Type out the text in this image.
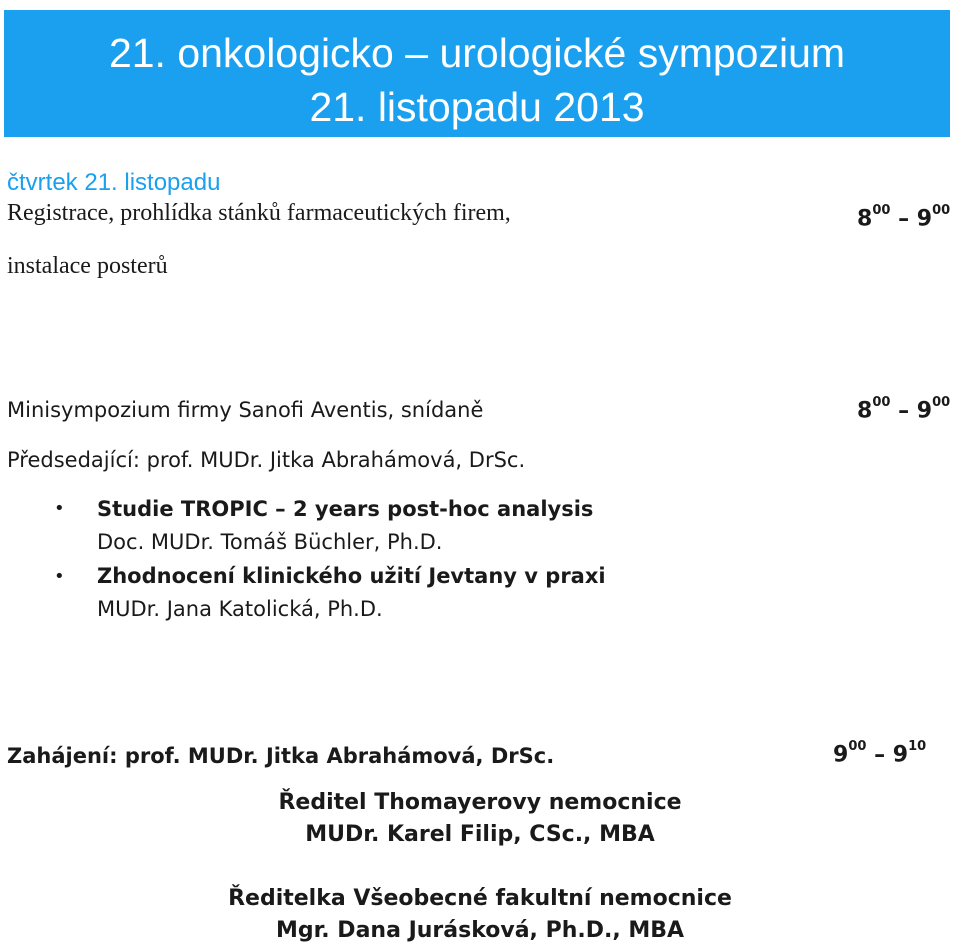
21. onkologicko – urologické sympozium
21. listopadu 2013
čtvrtek 21. listopadu
Registrace, prohlídka stánků farmaceutických firem,
instalace posterů
$8^{00} - 9^{00}$
Minisympozium firmy Sanofi Aventis, snídaně	$8^{00} - 9^{00}$
Předsedající: prof. MUDr. Jitka Abrahámová, DrSc.
• Studie TROPIC – 2 years post-hoc analysis
Doc. MUDr. Tomáš Büchler, Ph.D.
• Zhodnocení klinického užití Jevtany v praxi
MUDr. Jana Katolická, Ph.D.
Zahájení: prof. MUDr. Jitka Abrahámová, DrSc.	$9^{00} - 9^{10}$
Ředitel Thomayerovy nemocnice
MUDr. Karel Filip, CSc., MBA
Ředitelka Všeobecné fakultní nemocnice
Mgr. Dana Jurásková, Ph.D., MBA
